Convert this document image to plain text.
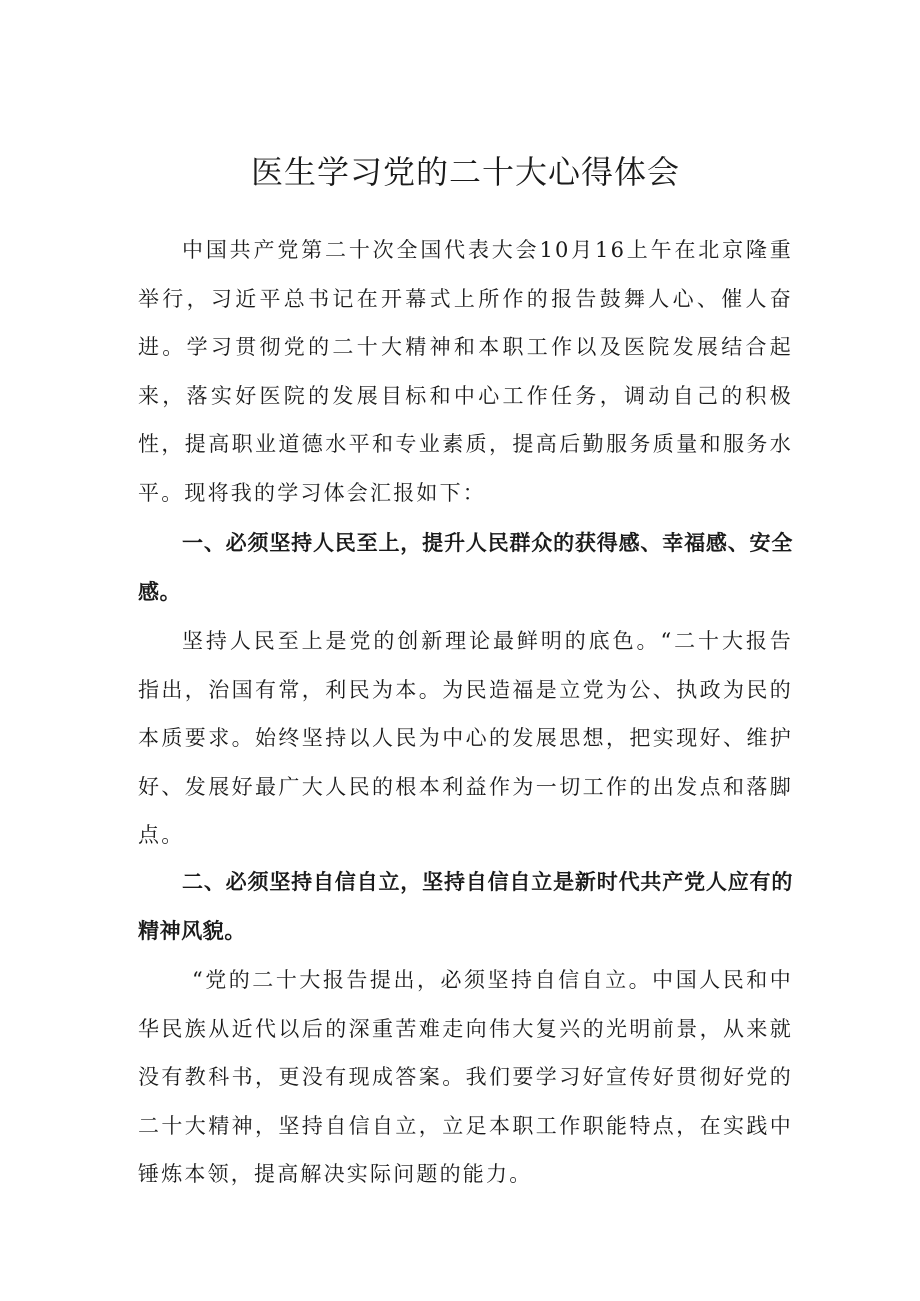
医生学习党的二十大心得体会

中国共产党第二十次全国代表大会10月16上午在北京隆重举行，习近平总书记在开幕式上所作的报告鼓舞人心、催人奋进。学习贯彻党的二十大精神和本职工作以及医院发展结合起来，落实好医院的发展目标和中心工作任务，调动自己的积极性，提高职业道德水平和专业素质，提高后勤服务质量和服务水平。现将我的学习体会汇报如下：

一、必须坚持人民至上，提升人民群众的获得感、幸福感、安全感。

坚持人民至上是党的创新理论最鲜明的底色。“二十大报告指出，治国有常，利民为本。为民造福是立党为公、执政为民的本质要求。始终坚持以人民为中心的发展思想，把实现好、维护好、发展好最广大人民的根本利益作为一切工作的出发点和落脚点。

二、必须坚持自信自立，坚持自信自立是新时代共产党人应有的精神风貌。

“党的二十大报告提出，必须坚持自信自立。中国人民和中华民族从近代以后的深重苦难走向伟大复兴的光明前景，从来就没有教科书，更没有现成答案。我们要学习好宣传好贯彻好党的二十大精神，坚持自信自立，立足本职工作职能特点，在实践中锤炼本领，提高解决实际问题的能力。
